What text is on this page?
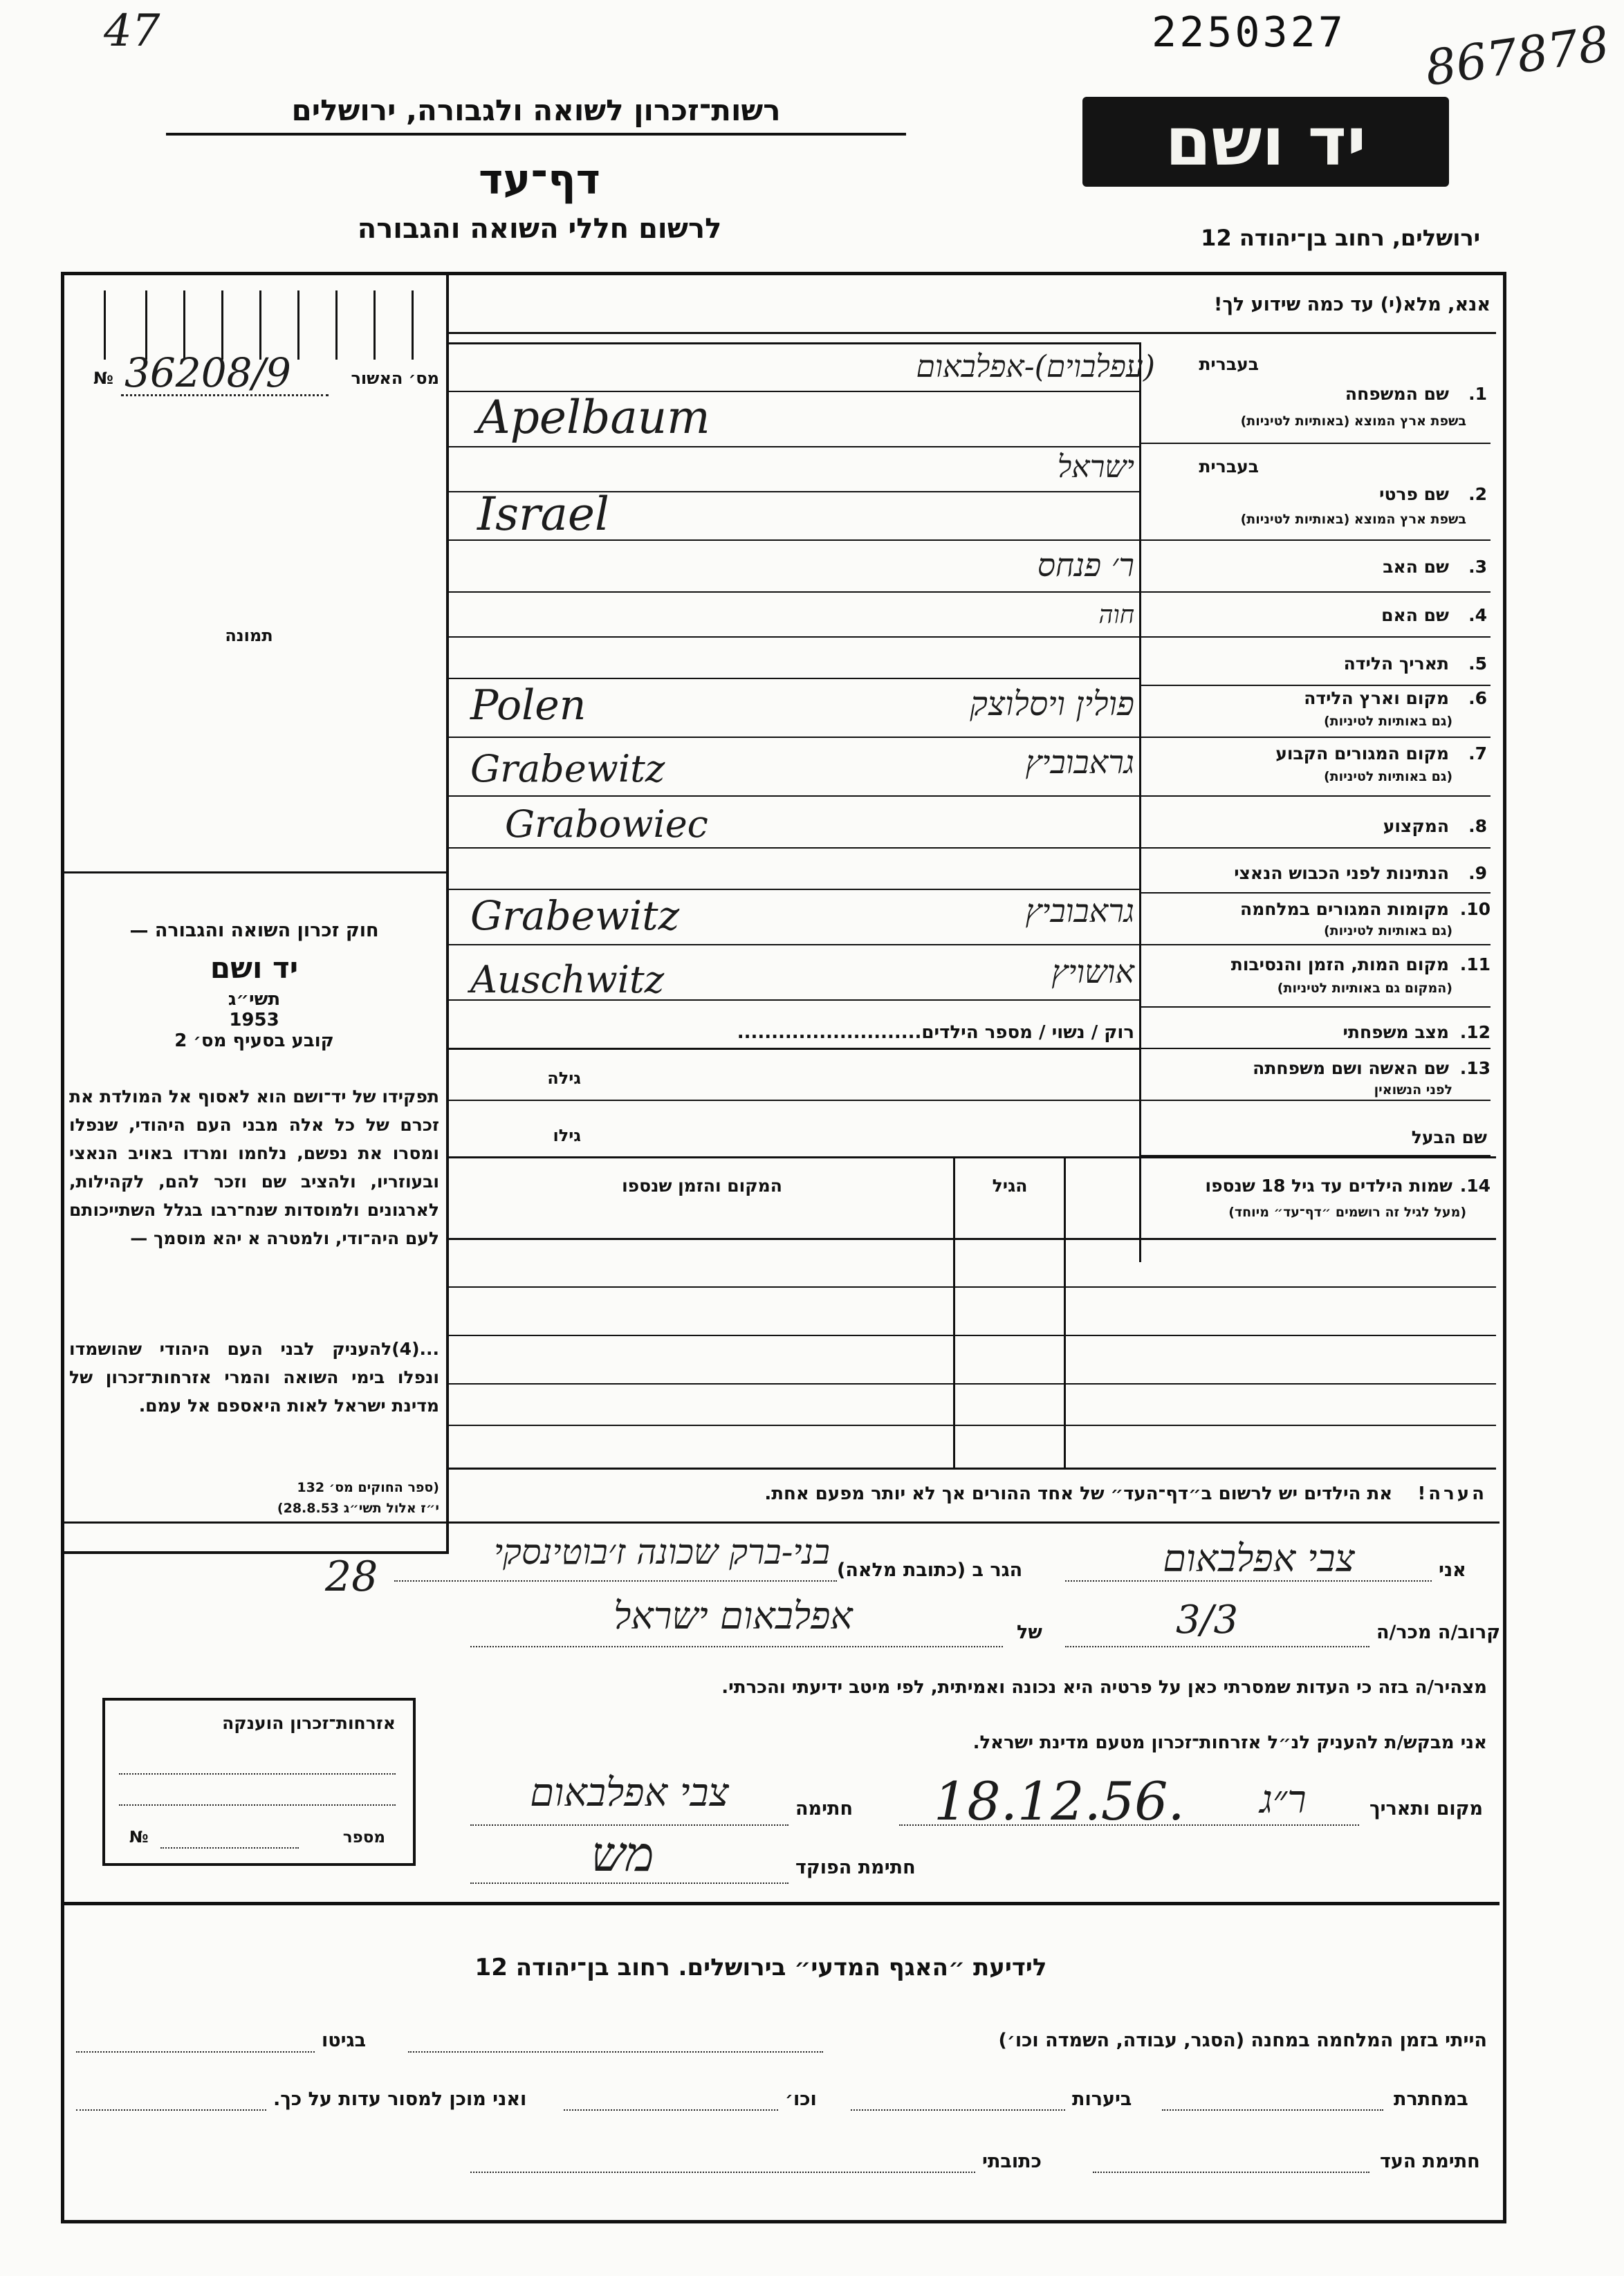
47	2250327 867878
רשות־זכרון לשואה ולגבורה, ירושלים
דף־עד
לרשום חללי השואה והגבורה
יד ושם
ירושלים, רחוב בן־יהודה 12
מס׳ האשור
№ 36208/9
תמונה
חוק זכרון השואה והגבורה —
יד ושם
תשי״ג
1953
קובע בסעיף מס׳ 2
תפקידו של יד־ושם הוא לאסוף אל המולדת את זכרם של כל אלה מבני העם היהודי, שנפלו ומסרו את נפשם, נלחמו ומרדו באויב הנאצי ובעוזריו, ולהציב שם וזכר להם, לקהילות, לארגונים ולמוסדות שנח־רבו בגלל השתייכותם לעם היה־ודי, ולמטרה א יהא מוסמך —
...(4)להעניק לבני העם היהודי שהושמדו ונפלו בימי השואה והמרי אזרחות־זכרון של מדינת ישראל לאות היאספם אל עמם.
(ספר החוקים מס׳ 132
י״ז אלול תשי״ג 28.8.53)
אנא, מלא(י) עד כמה שידוע לך!
בעברית
1.
שם המשפחה
בשפת ארץ המוצא (באותיות לטיניות)
(עפלבוים)-אפלבאום
Apelbaum
בעברית
2.
שם פרטי
בשפת ארץ המוצא (באותיות לטיניות)
ישראל
Israel
3.
שם האב
ר׳ פנחס
4.
שם האם
חוה
5.
תאריך הלידה
6.
מקום וארץ הלידה
(גם באותיות לטיניות)
פולין ויסלוצק
Polen
7.
מקום המגורים הקבוע
(גם באותיות לטיניות)
גראבוביץ
Grabewitz
Grabowiec	8.
המקצוע
9.
הנתינות לפני הכבוש הנאצי
10.
מקומות המגורים במלחמה
(גם באותיות לטיניות)
גראבוביץ
Grabewitz
11.
מקום המות, הזמן והנסיבות
(המקום גם באותיות לטיניות)
אושויץ
Auschwitz
12.
מצב משפחתי
רוק / נשוי / מספר הילדים...........................
13.
שם האשה ושם משפחתה
לפני הנשואין
גילה
שם הבעל
גילו
14.
שמות הילדים עד גיל 18 שנספו
(מעל לגיל זה רושמים ״דף־עד״ מיוחד)
הגיל
המקום והזמן שנספו
הערה!    את הילדים יש לרשום ב״דף־העד״ של אחד ההורים אך לא יותר מפעם אחת.
אני
צבי אפלבאום
הגר ב (כתובת מלאה)
בני-ברק שכונה ז׳בוטינסקי
28
קרוב/ה מכר/ה
3/3
של
אפלבאום ישראל
מצהיר/ה בזה כי העדות שמסרתי כאן על פרטיה היא נכונה ואמיתית, לפי מיטב ידיעתי והכרתי.
אני מבקש/ת להעניק לנ״ל אזרחות־זכרון מטעם מדינת ישראל.
מקום ותאריך
ר״ג
18.12.56.
חתימה
צבי אפלבאום
חתימת הפוקד
מש
אזרחות־זכרון הוענקה
מספר
№
לידיעת ״האגף המדעי״ בירושלים. רחוב בן־יהודה 12
הייתי בזמן המלחמה במחנה (הסגר, עבודה, השמדה וכו׳)
בגיטו
במחתרת
ביערות
וכו׳
ואני מוכן למסור עדות על כך.
חתימת העד
כתובתי
